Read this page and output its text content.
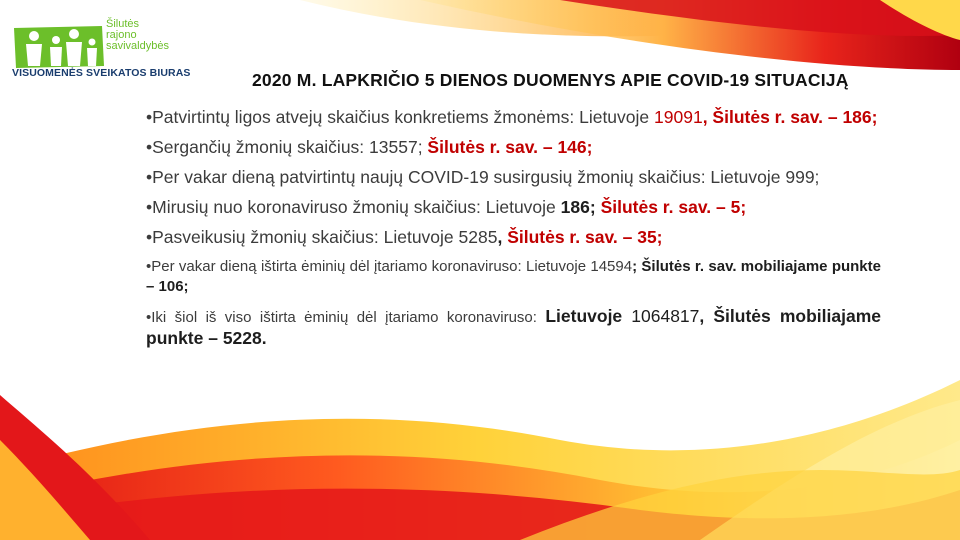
Šilutės
rajono
savivaldybės
VISUOMENĖS SVEIKATOS BIURAS	2020 M. LAPKRIČIO 5 DIENOS DUOMENYS APIE COVID-19 SITUACIJĄ
•Patvirtintų ligos atvejų skaičius konkretiems žmonėms: Lietuvoje 19091, Šilutės r. sav. – 186;
•Sergančių žmonių skaičius: 13557; Šilutės r. sav. – 146;
•Per vakar dieną patvirtintų naujų COVID-19 susirgusių žmonių skaičius: Lietuvoje 999;
•Mirusių nuo koronaviruso žmonių skaičius: Lietuvoje 186; Šilutės r. sav. – 5;
•Pasveikusių žmonių skaičius: Lietuvoje 5285, Šilutės r. sav. – 35;
•Per vakar dieną ištirta ėminių dėl įtariamo koronaviruso: Lietuvoje 14594; Šilutės r. sav. mobiliajame punkte – 106;
•Iki šiol iš viso ištirta ėminių dėl įtariamo koronaviruso: Lietuvoje 1064817, Šilutės mobiliajame punkte – 5228.
